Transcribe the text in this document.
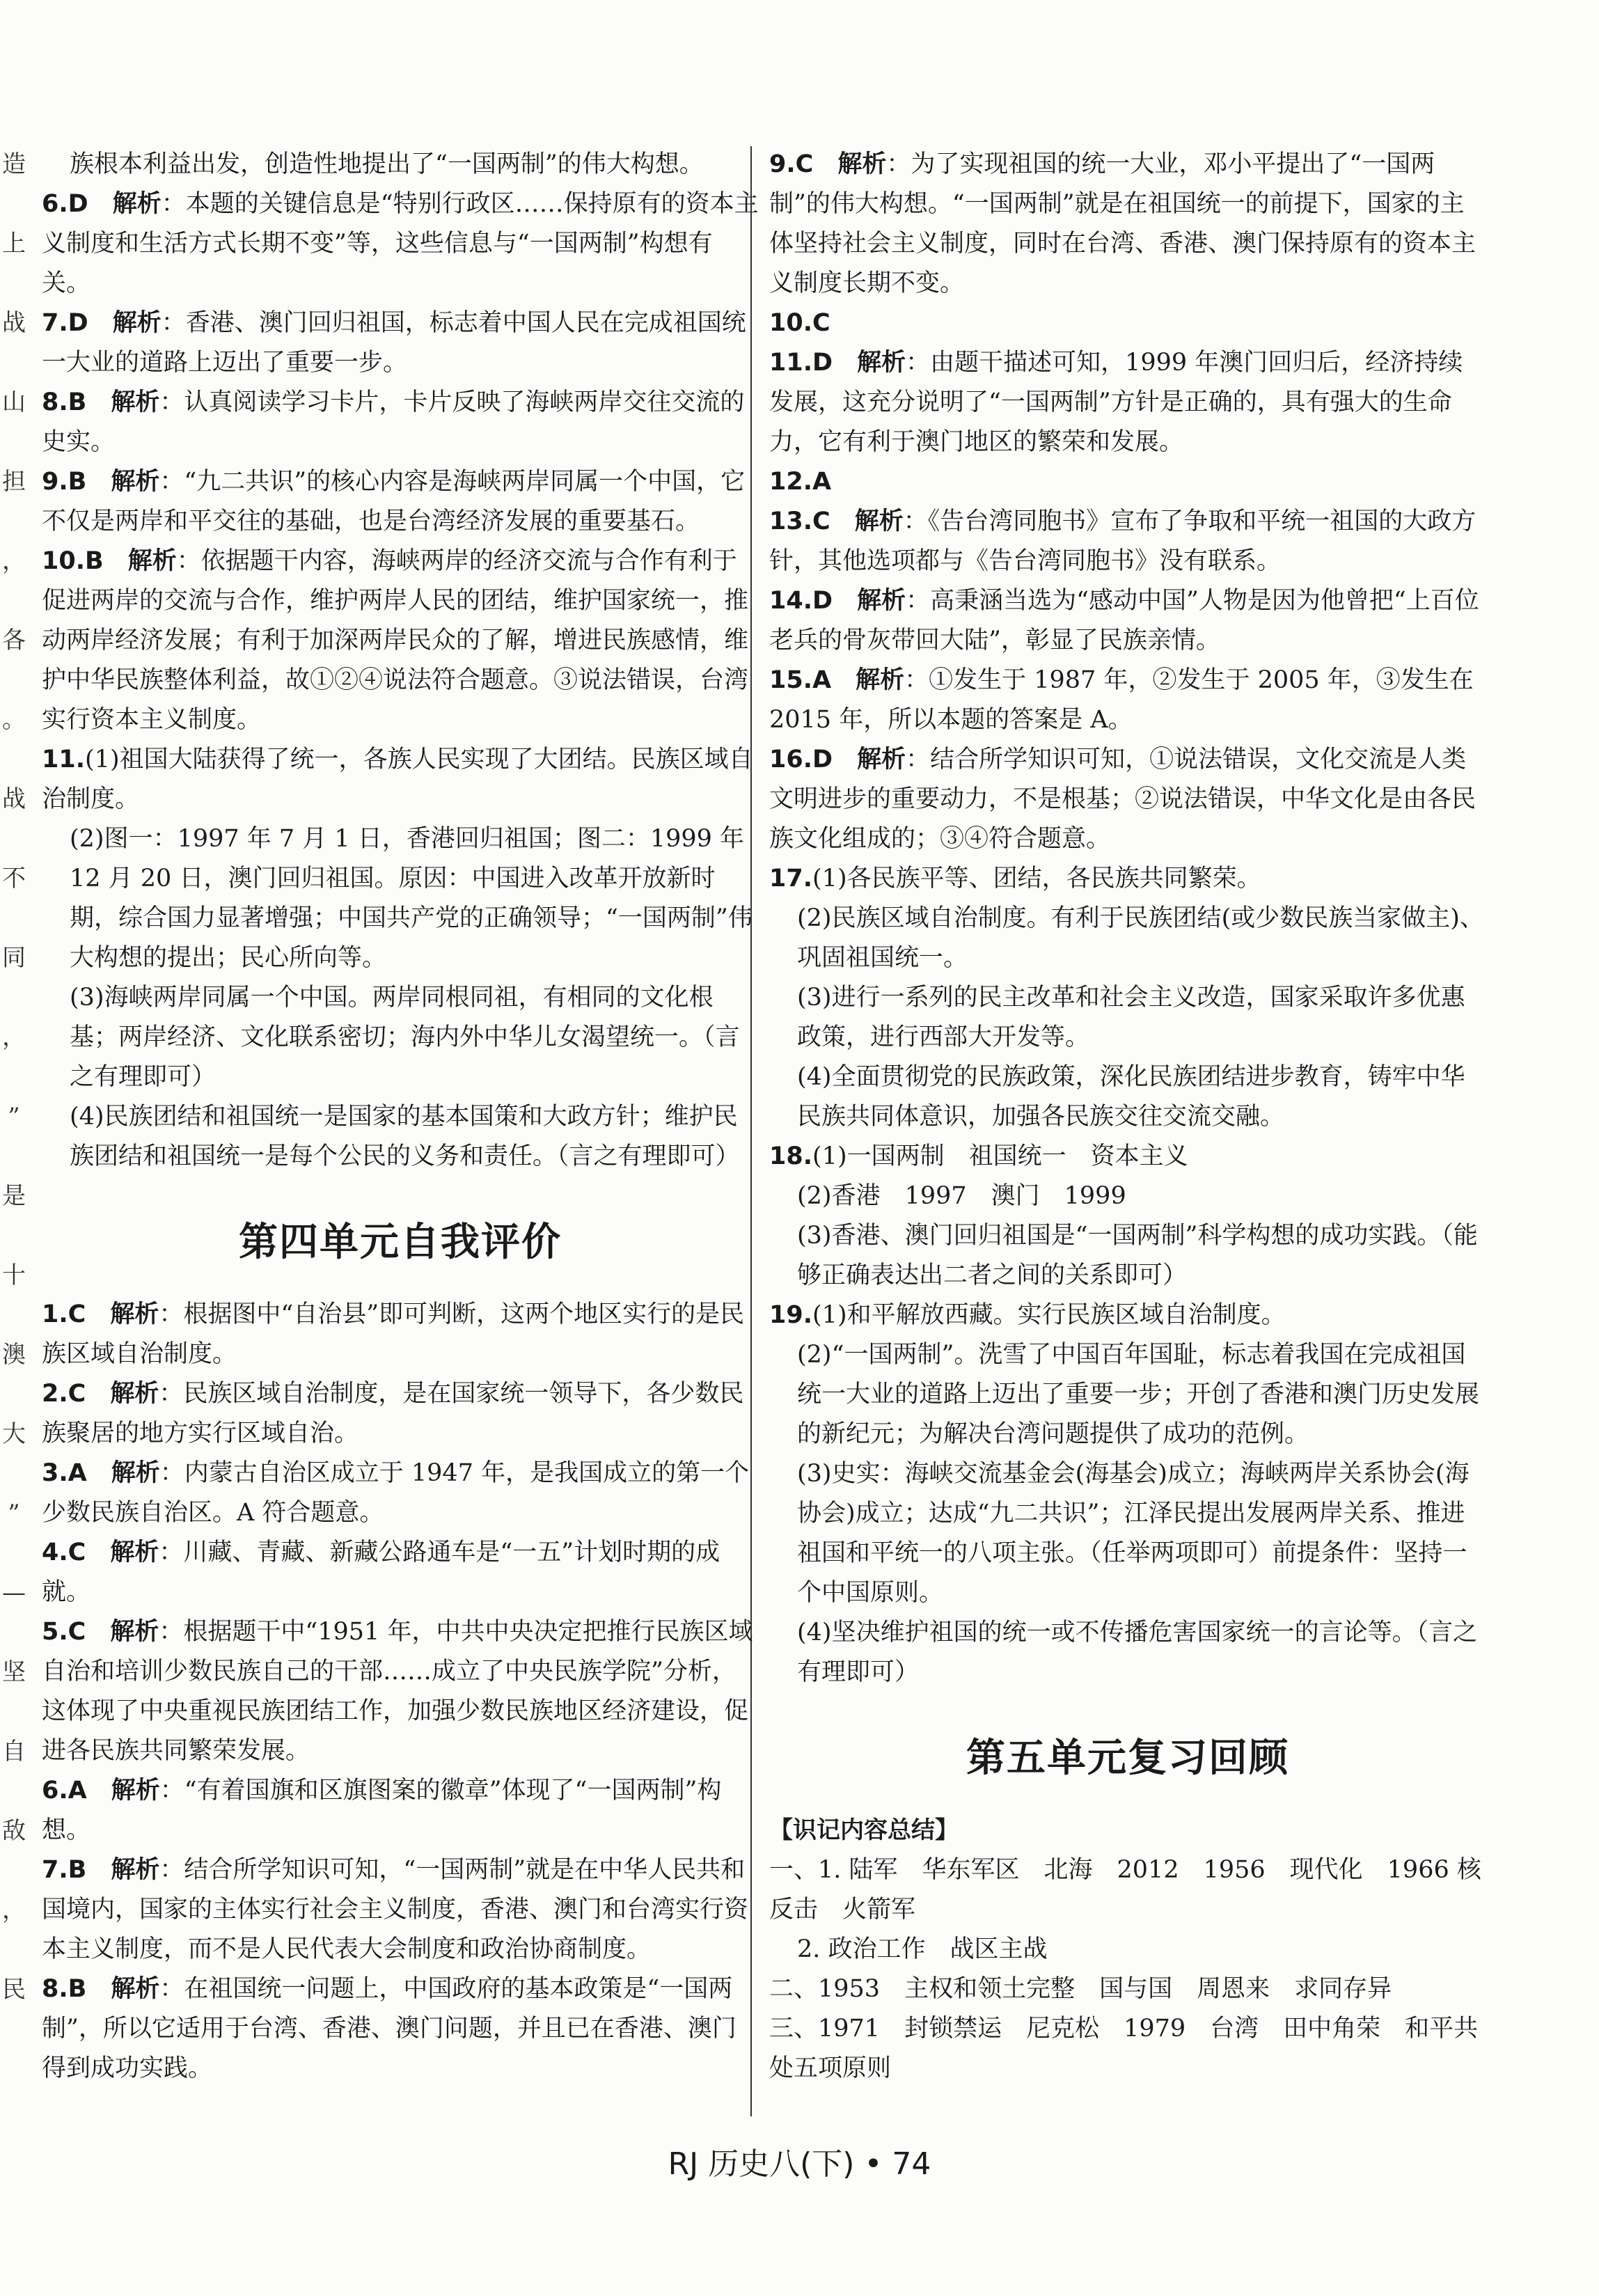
造
上
战
山
担
，
各
。
战
不
同
，
”
是
十
澳
大
”
—
坚
自
敌
，
民

族根本利益出发，创造性地提出了“一国两制”的伟大构想。

6.D  解析：本题的关键信息是“特别行政区……保持原有的资本主义制度和生活方式长期不变”等，这些信息与“一国两制”构想有关。

7.D  解析：香港、澳门回归祖国，标志着中国人民在完成祖国统一大业的道路上迈出了重要一步。

8.B  解析：认真阅读学习卡片，卡片反映了海峡两岸交往交流的史实。

9.B  解析：“九二共识”的核心内容是海峡两岸同属一个中国，它不仅是两岸和平交往的基础，也是台湾经济发展的重要基石。

10.B  解析：依据题干内容，海峡两岸的经济交流与合作有利于促进两岸的交流与合作，维护两岸人民的团结，维护国家统一，推动两岸经济发展；有利于加深两岸民众的了解，增进民族感情，维护中华民族整体利益，故①②④说法符合题意。③说法错误，台湾实行资本主义制度。

11.(1)祖国大陆获得了统一，各族人民实现了大团结。民族区域自治制度。

(2)图一：1997 年 7 月 1 日，香港回归祖国；图二：1999 年 12 月 20 日，澳门回归祖国。原因：中国进入改革开放新时期，综合国力显著增强；中国共产党的正确领导；“一国两制”伟大构想的提出；民心所向等。

(3)海峡两岸同属一个中国。两岸同根同祖，有相同的文化根基；两岸经济、文化联系密切；海内外中华儿女渴望统一。（言之有理即可）

(4)民族团结和祖国统一是国家的基本国策和大政方针；维护民族团结和祖国统一是每个公民的义务和责任。（言之有理即可）

第四单元自我评价

1.C  解析：根据图中“自治县”即可判断，这两个地区实行的是民族区域自治制度。

2.C  解析：民族区域自治制度，是在国家统一领导下，各少数民族聚居的地方实行区域自治。

3.A  解析：内蒙古自治区成立于 1947 年，是我国成立的第一个少数民族自治区。A 符合题意。

4.C  解析：川藏、青藏、新藏公路通车是“一五”计划时期的成就。

5.C  解析：根据题干中“1951 年，中共中央决定把推行民族区域自治和培训少数民族自己的干部……成立了中央民族学院”分析，这体现了中央重视民族团结工作，加强少数民族地区经济建设，促进各民族共同繁荣发展。

6.A  解析：“有着国旗和区旗图案的徽章”体现了“一国两制”构想。

7.B  解析：结合所学知识可知，“一国两制”就是在中华人民共和国境内，国家的主体实行社会主义制度，香港、澳门和台湾实行资本主义制度，而不是人民代表大会制度和政治协商制度。

8.B  解析：在祖国统一问题上，中国政府的基本政策是“一国两制”，所以它适用于台湾、香港、澳门问题，并且已在香港、澳门得到成功实践。

9.C  解析：为了实现祖国的统一大业，邓小平提出了“一国两制”的伟大构想。“一国两制”就是在祖国统一的前提下，国家的主体坚持社会主义制度，同时在台湾、香港、澳门保持原有的资本主义制度长期不变。

10.C 

11.D  解析：由题干描述可知，1999 年澳门回归后，经济持续发展，这充分说明了“一国两制”方针是正确的，具有强大的生命力，它有利于澳门地区的繁荣和发展。

12.A 

13.C  解析：《告台湾同胞书》宣布了争取和平统一祖国的大政方针，其他选项都与《告台湾同胞书》没有联系。

14.D  解析：高秉涵当选为“感动中国”人物是因为他曾把“上百位老兵的骨灰带回大陆”，彰显了民族亲情。

15.A  解析：①发生于 1987 年，②发生于 2005 年，③发生在 2015 年，所以本题的答案是 A。

16.D  解析：结合所学知识可知，①说法错误，文化交流是人类文明进步的重要动力，不是根基；②说法错误，中华文化是由各民族文化组成的；③④符合题意。

17.(1)各民族平等、团结，各民族共同繁荣。

(2)民族区域自治制度。有利于民族团结(或少数民族当家做主)、巩固祖国统一。

(3)进行一系列的民主改革和社会主义改造，国家采取许多优惠政策，进行西部大开发等。

(4)全面贯彻党的民族政策，深化民族团结进步教育，铸牢中华民族共同体意识，加强各民族交往交流交融。

18.(1)一国两制　祖国统一　资本主义

(2)香港　1997　澳门　1999

(3)香港、澳门回归祖国是“一国两制”科学构想的成功实践。（能够正确表达出二者之间的关系即可）

19.(1)和平解放西藏。实行民族区域自治制度。

(2)“一国两制”。洗雪了中国百年国耻，标志着我国在完成祖国统一大业的道路上迈出了重要一步；开创了香港和澳门历史发展的新纪元；为解决台湾问题提供了成功的范例。

(3)史实：海峡交流基金会(海基会)成立；海峡两岸关系协会(海协会)成立；达成“九二共识”；江泽民提出发展两岸关系、推进祖国和平统一的八项主张。（任举两项即可）前提条件：坚持一个中国原则。

(4)坚决维护祖国的统一或不传播危害国家统一的言论等。（言之有理即可）

第五单元复习回顾
【识记内容总结】

一、1. 陆军　华东军区　北海　2012　1956　现代化　1966 核反击　火箭军

2. 政治工作　战区主战

二、1953　主权和领土完整　国与国　周恩来　求同存异

三、1971　封锁禁运　尼克松　1979　台湾　田中角荣　和平共处五项原则

RJ 历史八(下) • 74
